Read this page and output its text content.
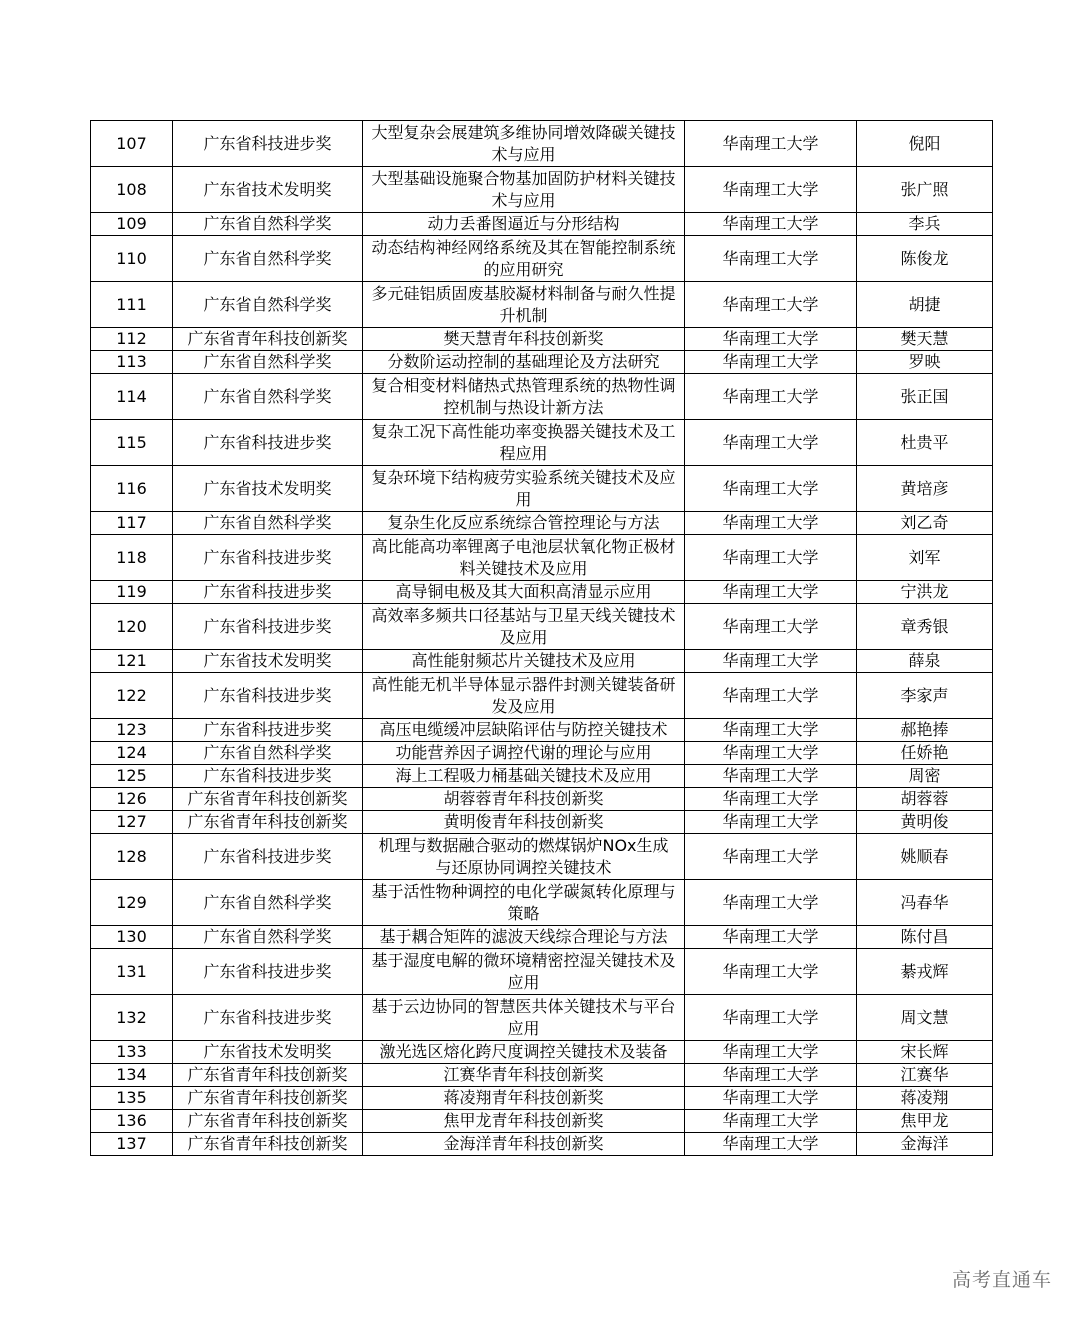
107	广东省科技进步奖	大型复杂会展建筑多维协同增效降碳关键技术与应用	华南理工大学	倪阳
108	广东省技术发明奖	大型基础设施聚合物基加固防护材料关键技术与应用	华南理工大学	张广照
109	广东省自然科学奖	动力丢番图逼近与分形结构	华南理工大学	李兵
110	广东省自然科学奖	动态结构神经网络系统及其在智能控制系统的应用研究	华南理工大学	陈俊龙
111	广东省自然科学奖	多元硅铝质固废基胶凝材料制备与耐久性提升机制	华南理工大学	胡捷
112	广东省青年科技创新奖	樊天慧青年科技创新奖	华南理工大学	樊天慧
113	广东省自然科学奖	分数阶运动控制的基础理论及方法研究	华南理工大学	罗映
114	广东省自然科学奖	复合相变材料储热式热管理系统的热物性调控机制与热设计新方法	华南理工大学	张正国
115	广东省科技进步奖	复杂工况下高性能功率变换器关键技术及工程应用	华南理工大学	杜贵平
116	广东省技术发明奖	复杂环境下结构疲劳实验系统关键技术及应用	华南理工大学	黄培彦
117	广东省自然科学奖	复杂生化反应系统综合管控理论与方法	华南理工大学	刘乙奇
118	广东省科技进步奖	高比能高功率锂离子电池层状氧化物正极材料关键技术及应用	华南理工大学	刘军
119	广东省科技进步奖	高导铜电极及其大面积高清显示应用	华南理工大学	宁洪龙
120	广东省科技进步奖	高效率多频共口径基站与卫星天线关键技术及应用	华南理工大学	章秀银
121	广东省技术发明奖	高性能射频芯片关键技术及应用	华南理工大学	薛泉
122	广东省科技进步奖	高性能无机半导体显示器件封测关键装备研发及应用	华南理工大学	李家声
123	广东省科技进步奖	高压电缆缓冲层缺陷评估与防控关键技术	华南理工大学	郝艳捧
124	广东省自然科学奖	功能营养因子调控代谢的理论与应用	华南理工大学	任娇艳
125	广东省科技进步奖	海上工程吸力桶基础关键技术及应用	华南理工大学	周密
126	广东省青年科技创新奖	胡蓉蓉青年科技创新奖	华南理工大学	胡蓉蓉
127	广东省青年科技创新奖	黄明俊青年科技创新奖	华南理工大学	黄明俊
128	广东省科技进步奖	机理与数据融合驱动的燃煤锅炉NOx生成与还原协同调控关键技术	华南理工大学	姚顺春
129	广东省自然科学奖	基于活性物种调控的电化学碳氮转化原理与策略	华南理工大学	冯春华
130	广东省自然科学奖	基于耦合矩阵的滤波天线综合理论与方法	华南理工大学	陈付昌
131	广东省科技进步奖	基于湿度电解的微环境精密控湿关键技术及应用	华南理工大学	綦戎辉
132	广东省科技进步奖	基于云边协同的智慧医共体关键技术与平台应用	华南理工大学	周文慧
133	广东省技术发明奖	激光选区熔化跨尺度调控关键技术及装备	华南理工大学	宋长辉
134	广东省青年科技创新奖	江赛华青年科技创新奖	华南理工大学	江赛华
135	广东省青年科技创新奖	蒋凌翔青年科技创新奖	华南理工大学	蒋凌翔
136	广东省青年科技创新奖	焦甲龙青年科技创新奖	华南理工大学	焦甲龙
137	广东省青年科技创新奖	金海洋青年科技创新奖	华南理工大学	金海洋
高考直通车
